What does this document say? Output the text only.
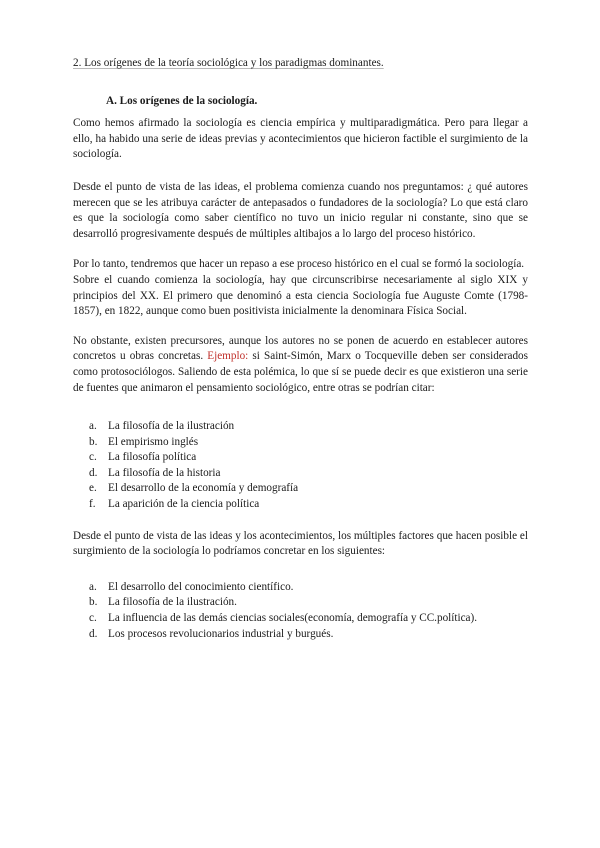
2. Los orígenes de la teoría sociológica y los paradigmas dominantes.
A. Los orígenes de la sociología.

Como hemos afirmado la sociología es ciencia empírica y multiparadigmática. Pero para llegar a ello, ha habido una serie de ideas previas y acontecimientos que hicieron factible el surgimiento de la sociología.

Desde el punto de vista de las ideas, el problema comienza cuando nos preguntamos: ¿ qué autores merecen que se les atribuya carácter de antepasados o fundadores de la sociología? Lo que está claro es que la sociología como saber científico no tuvo un inicio regular ni constante, sino que se desarrolló progresivamente después de múltiples altibajos a lo largo del proceso histórico.

Por lo tanto, tendremos que hacer un repaso a ese proceso histórico en el cual se formó la sociología.

Sobre el cuando comienza la sociología, hay que circunscribirse necesariamente al siglo XIX y principios del XX. El primero que denominó a esta ciencia Sociología fue Auguste Comte (1798-1857), en 1822, aunque como buen positivista inicialmente la denominara Física Social.

No obstante, existen precursores, aunque los autores no se ponen de acuerdo en establecer autores concretos u obras concretas. Ejemplo: si Saint-Simón, Marx o Tocqueville deben ser considerados como protosociólogos. Saliendo de esta polémica, lo que sí se puede decir es que existieron una serie de fuentes que animaron el pensamiento sociológico, entre otras se podrían citar:

a. La filosofía de la ilustración
b. El empirismo inglés
c. La filosofía política
d. La filosofía de la historia
e. El desarrollo de la economía y demografía
f. La aparición de la ciencia política

Desde el punto de vista de las ideas y los acontecimientos, los múltiples factores que hacen posible el surgimiento de la sociología lo podríamos concretar en los siguientes:

a. El desarrollo del conocimiento científico.
b. La filosofía de la ilustración.
c. La influencia de las demás ciencias sociales(economía, demografía y CC.política).
d. Los procesos revolucionarios industrial y burgués.
